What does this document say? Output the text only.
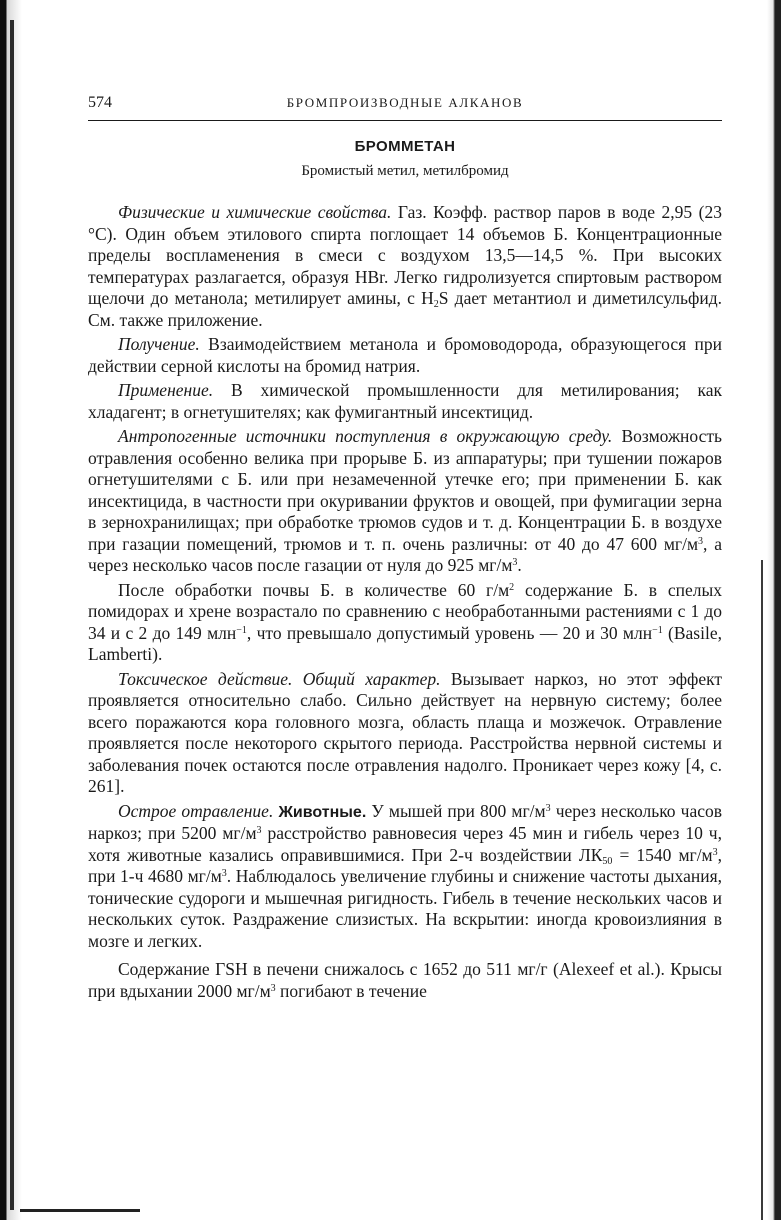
574	БРОМПРОИЗВОДНЫЕ АЛКАНОВ
БРОММЕТАН
Бромистый метил, метилбромид

Физические и химические свойства. Газ. Коэфф. раствор паров в воде 2,95 (23 °С). Один объем этилового спирта поглощает 14 объемов Б. Концентрационные пределы воспламенения в смеси с воздухом 13,5—14,5 %. При высоких температурах разлагается, образуя HBr. Легко гидролизуется спиртовым раствором щелочи до метанола; метилирует амины, с $H_2S$ дает метантиол и диметилсульфид. См. также приложение.

Получение. Взаимодействием метанола и бромоводорода, образующегося при действии серной кислоты на бромид натрия.

Применение. В химической промышленности для метилирования; как хладагент; в огнетушителях; как фумигантный инсектицид.

Антропогенные источники поступления в окружающую среду. Возможность отравления особенно велика при прорыве Б. из аппаратуры; при тушении пожаров огнетушителями с Б. или при незамеченной утечке его; при применении Б. как инсектицида, в частности при окуривании фруктов и овощей, при фумигации зерна в зернохранилищах; при обработке трюмов судов и т. д. Концентрации Б. в воздухе при газации помещений, трюмов и т. п. очень различны: от 40 до 47 600 $мг/м^3$, а через несколько часов после газации от нуля до 925 $мг/м^3$.

После обработки почвы Б. в количестве 60 $г/м^2$ содержание Б. в спелых помидорах и хрене возрастало по сравнению с необработанными растениями с 1 до 34 и с 2 до 149 млн$^{-1}$, что превышало допустимый уровень — 20 и 30 млн$^{-1}$ (Basile, Lamberti).

Токсическое действие. Общий характер. Вызывает наркоз, но этот эффект проявляется относительно слабо. Сильно действует на нервную систему; более всего поражаются кора головного мозга, область плаща и мозжечок. Отравление проявляется после некоторого скрытого периода. Расстройства нервной системы и заболевания почек остаются после отравления надолго. Проникает через кожу [4, с. 261].

Острое отравление. Животные. У мышей при 800 $мг/м^3$ через несколько часов наркоз; при 5200 $мг/м^3$ расстройство равновесия через 45 мин и гибель через 10 ч, хотя животные казались оправившимися. При 2-ч воздействии $ЛК_{50} = 1540$ $мг/м^3$, при 1-ч 4680 $мг/м^3$. Наблюдалось увеличение глубины и снижение частоты дыхания, тонические судороги и мышечная ригидность. Гибель в течение нескольких часов и нескольких суток. Раздражение слизистых. На вскрытии: иногда кровоизлияния в мозге и легких.

Содержание ГSH в печени снижалось с 1652 до 511 мг/г (Alexeef et al.). Крысы при вдыхании 2000 $мг/м^3$ погибают в течение
